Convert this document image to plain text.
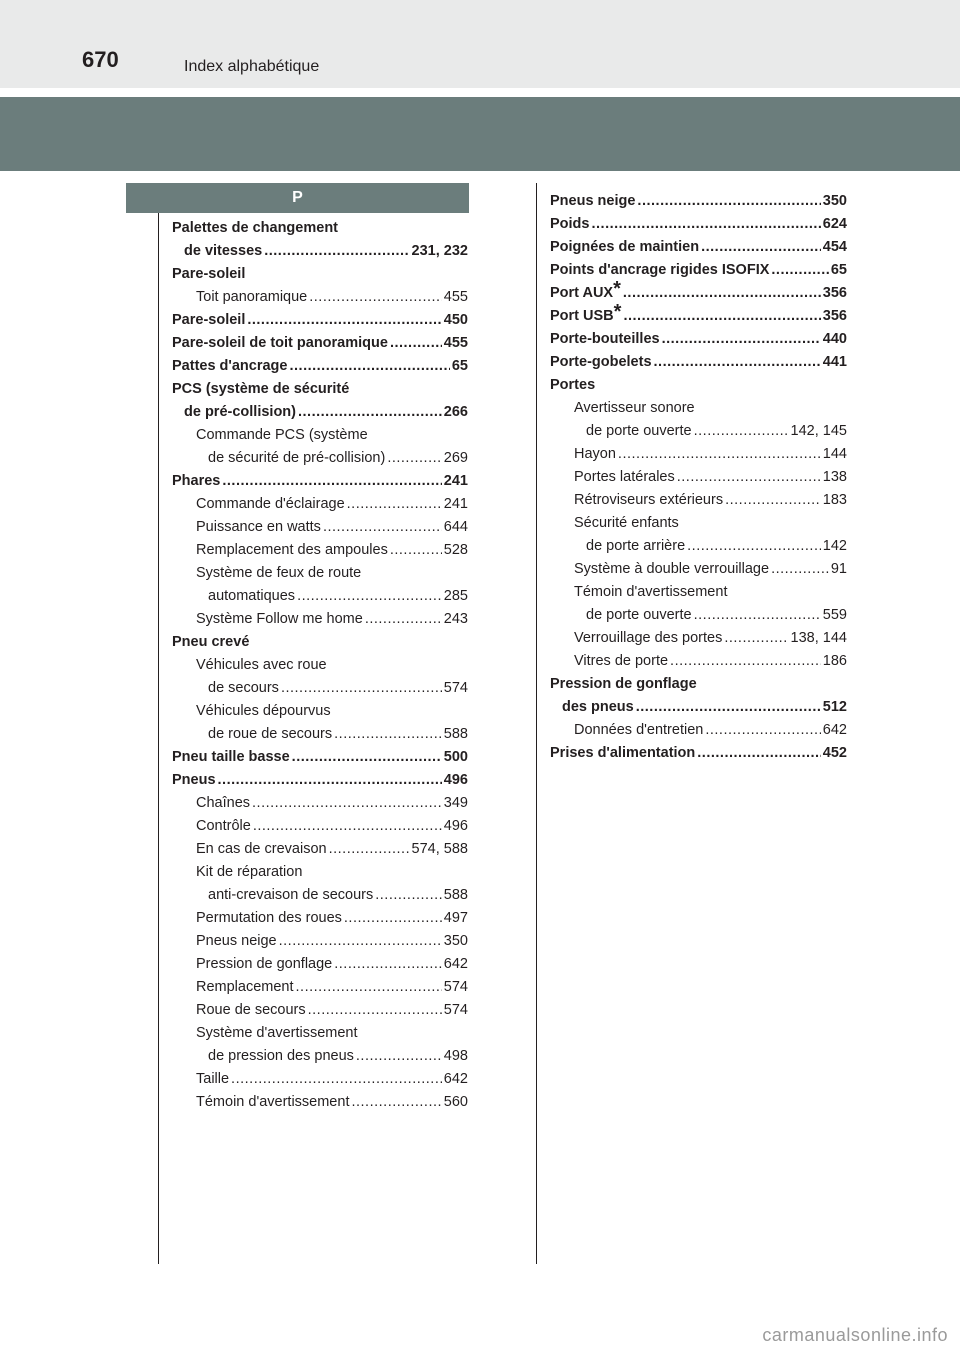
670	Index alphabétique
P
Palettes de changement
de vitesses .....	231, 232
Pare-soleil
Toit panoramique .....	455
Pare-soleil .....	450
Pare-soleil de toit panoramique .....	455
Pattes d'ancrage .....	65
PCS (système de sécurité
de pré-collision) .....	266
Commande PCS (système
de sécurité de pré-collision) .....	269
Phares .....	241
Commande d'éclairage .....	241
Puissance en watts .....	644
Remplacement des ampoules .....	528
Système de feux de route
automatiques .....	285
Système Follow me home .....	243
Pneu crevé
Véhicules avec roue
de secours .....	574
Véhicules dépourvus
de roue de secours .....	588
Pneu taille basse .....	500
Pneus .....	496
Chaînes .....	349
Contrôle .....	496
En cas de crevaison .....	574, 588
Kit de réparation
anti-crevaison de secours .....	588
Permutation des roues .....	497
Pneus neige .....	350
Pression de gonflage .....	642
Remplacement .....	574
Roue de secours .....	574
Système d'avertissement
de pression des pneus .....	498
Taille .....	642
Témoin d'avertissement .....	560
Pneus neige .....	350
Poids .....	624
Poignées de maintien .....	454
Points d'ancrage rigides ISOFIX .....	65
Port AUX* .....	356
Port USB* .....	356
Porte-bouteilles .....	440
Porte-gobelets .....	441
Portes
Avertisseur sonore
de porte ouverte .....	142, 145
Hayon .....	144
Portes latérales .....	138
Rétroviseurs extérieurs .....	183
Sécurité enfants
de porte arrière .....	142
Système à double verrouillage .....	91
Témoin d'avertissement
de porte ouverte .....	559
Verrouillage des portes .....	138, 144
Vitres de porte .....	186
Pression de gonflage
des pneus .....	512
Données d'entretien .....	642
Prises d'alimentation .....	452
carmanualsonline.info
